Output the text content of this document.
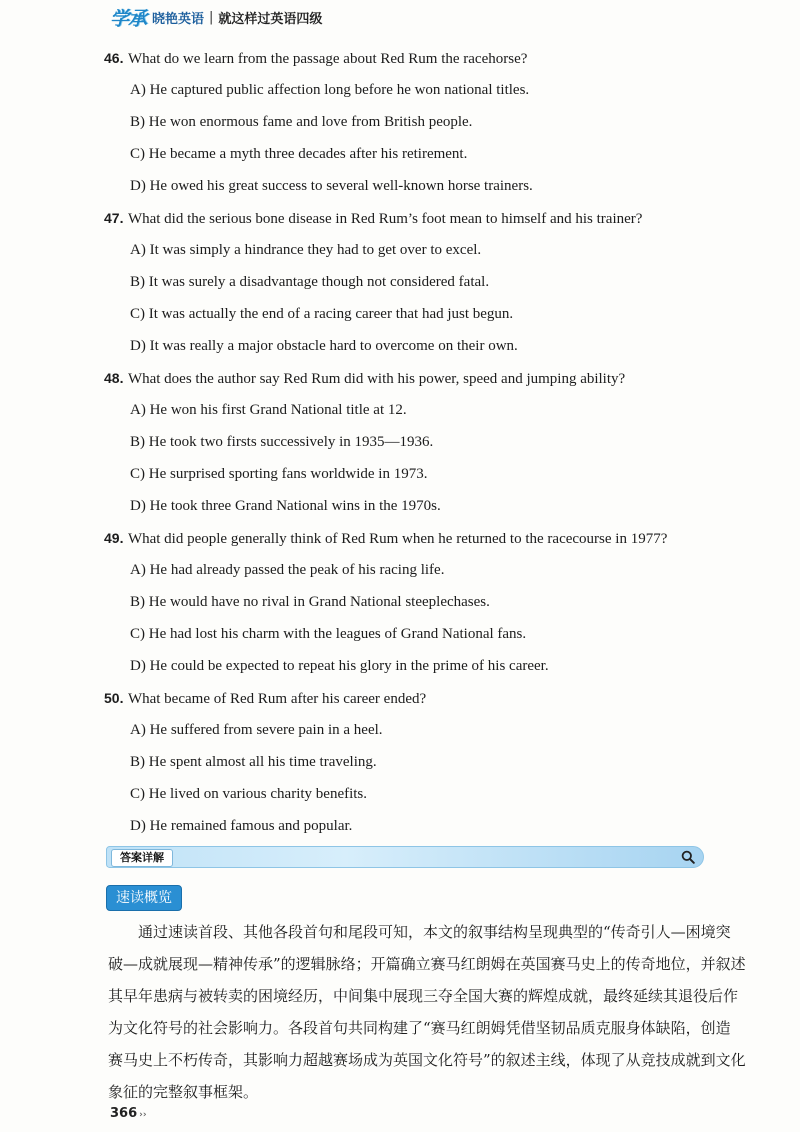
学承 晓艳英语 | 就这样过英语四级
46. What do we learn from the passage about Red Rum the racehorse?
A) He captured public affection long before he won national titles.
B) He won enormous fame and love from British people.
C) He became a myth three decades after his retirement.
D) He owed his great success to several well-known horse trainers.
47. What did the serious bone disease in Red Rum’s foot mean to himself and his trainer?
A) It was simply a hindrance they had to get over to excel.
B) It was surely a disadvantage though not considered fatal.
C) It was actually the end of a racing career that had just begun.
D) It was really a major obstacle hard to overcome on their own.
48. What does the author say Red Rum did with his power, speed and jumping ability?
A) He won his first Grand National title at 12.
B) He took two firsts successively in 1935—1936.
C) He surprised sporting fans worldwide in 1973.
D) He took three Grand National wins in the 1970s.
49. What did people generally think of Red Rum when he returned to the racecourse in 1977?
A) He had already passed the peak of his racing life.
B) He would have no rival in Grand National steeplechases.
C) He had lost his charm with the leagues of Grand National fans.
D) He could be expected to repeat his glory in the prime of his career.
50. What became of Red Rum after his career ended?
A) He suffered from severe pain in a heel.
B) He spent almost all his time traveling.
C) He lived on various charity benefits.
D) He remained famous and popular.
答案详解
速读概览
通过速读首段、其他各段首句和尾段可知，本文的叙事结构呈现典型的“传奇引人—困境突
破—成就展现—精神传承”的逻辑脉络；开篇确立赛马红朗姆在英国赛马史上的传奇地位，并叙述
其早年患病与被转卖的困境经历，中间集中展现三夺全国大赛的辉煌成就，最终延续其退役后作
为文化符号的社会影响力。各段首句共同构建了“赛马红朗姆凭借坚韧品质克服身体缺陷，创造
赛马史上不朽传奇，其影响力超越赛场成为英国文化符号”的叙述主线，体现了从竞技成就到文化
象征的完整叙事框架。
366 ››
